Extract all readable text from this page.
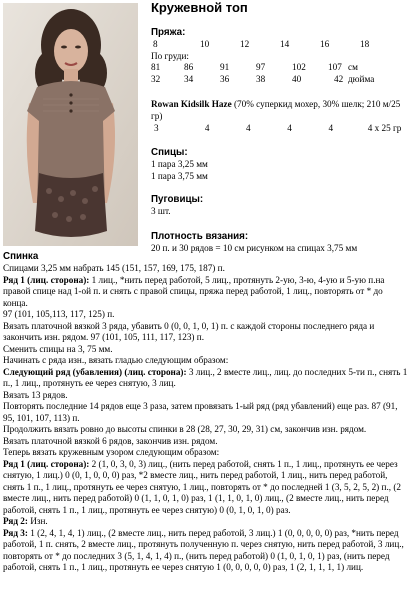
Кружевной топ
Пряжа:
8	10	12	14	16	18
По груди:
81	86	91	97	102	107 см
32	34	36	38	40	42 дюйма
Rowan Kidsilk Haze (70% суперкид мохер, 30% шелк; 210 м/25 гр)
3	4	4	4	4	4 x 25 гр
Спицы:
1 пара 3,25 мм
1 пара 3,75 мм
Пуговицы:
3 шт.
Плотность вязания:
20 п. и 30 рядов = 10 см рисунком на спицах 3,75 мм

Спинка

Спицами 3,25 мм набрать 145 (151, 157, 169, 175, 187) п.

Ряд 1 (лиц. сторона): 1 лиц., *нить перед работой, 5 лиц., протянуть 2-ую, 3-ю, 4-ую и 5-ую п.на правой спице над 1-ой п. и снять с правой спицы, пряжа перед работой, 1 лиц., повторять от * до конца.

97 (101, 105,113, 117, 125) п.

Вязать платочной вязкой 3 ряда, убавить 0 (0, 0, 1, 0, 1) п. с каждой стороны последнего ряда и закончить изн. рядом. 97 (101, 105, 111, 117, 123) п.

Сменить спицы на 3, 75 мм.

Начинать с ряда изн., вязать гладью следующим образом:

Следующий ряд (убавления) (лиц. сторона): 3 лиц., 2 вместе лиц., лиц. до последних 5-ти п., снять 1 п., 1 лиц., протянуть ее через снятую, 3 лиц.

Вязать 13 рядов.

Повторять последние 14 рядов еще 3 раза, затем провязать 1-ый ряд (ряд убавлений) еще раз. 87 (91, 95, 101, 107, 113) п.

Продолжить вязать ровно до высоты спинки в 28 (28, 27, 30, 29, 31) см, закончив изн. рядом.

Вязать платочной вязкой 6 рядов, закончив изн. рядом.

Теперь вязать кружевным узором следующим образом:

Ряд 1 (лиц. сторона): 2 (1, 0, 3, 0, 3) лиц., (нить перед работой, снять 1 п., 1 лиц., протянуть ее через снятую, 1 лиц.) 0 (0, 1, 0, 0, 0) раз, *2 вместе лиц., нить перед работой, 1 лиц., нить перед работой, снять 1 п., 1 лиц., протянуть ее через снятую, 1 лиц., повторять от * до последней 1 (3, 5, 2, 5, 2) п., (2 вместе лиц., нить перед работой) 0 (1, 1, 0, 1, 0) раз, 1 (1, 1, 0, 1, 0) лиц., (2 вместе лиц., нить перед работой, снять 1 п., 1 лиц., протянуть ее через снятую) 0 (0, 1, 0, 1, 0) раз.

Ряд 2: Изн.

Ряд 3: 1 (2, 4, 1, 4, 1) лиц., (2 вместе лиц., нить перед работой, 3 лиц.) 1 (0, 0, 0, 0, 0) раз, *нить перед работой, 1 п. снять, 2 вместе лиц., протянуть полученную п. через снятую, нить перед работой, 3 лиц., повторять от * до последних 3 (5, 1, 4, 1, 4) п., (нить перед работой) 0 (1, 0, 1, 0, 1) раз, (нить перед работой, снять 1 п., 1 лиц., протянуть ее через снятую 1 (0, 0, 0, 0, 0) раз, 1 (2, 1, 1, 1, 1) лиц.
